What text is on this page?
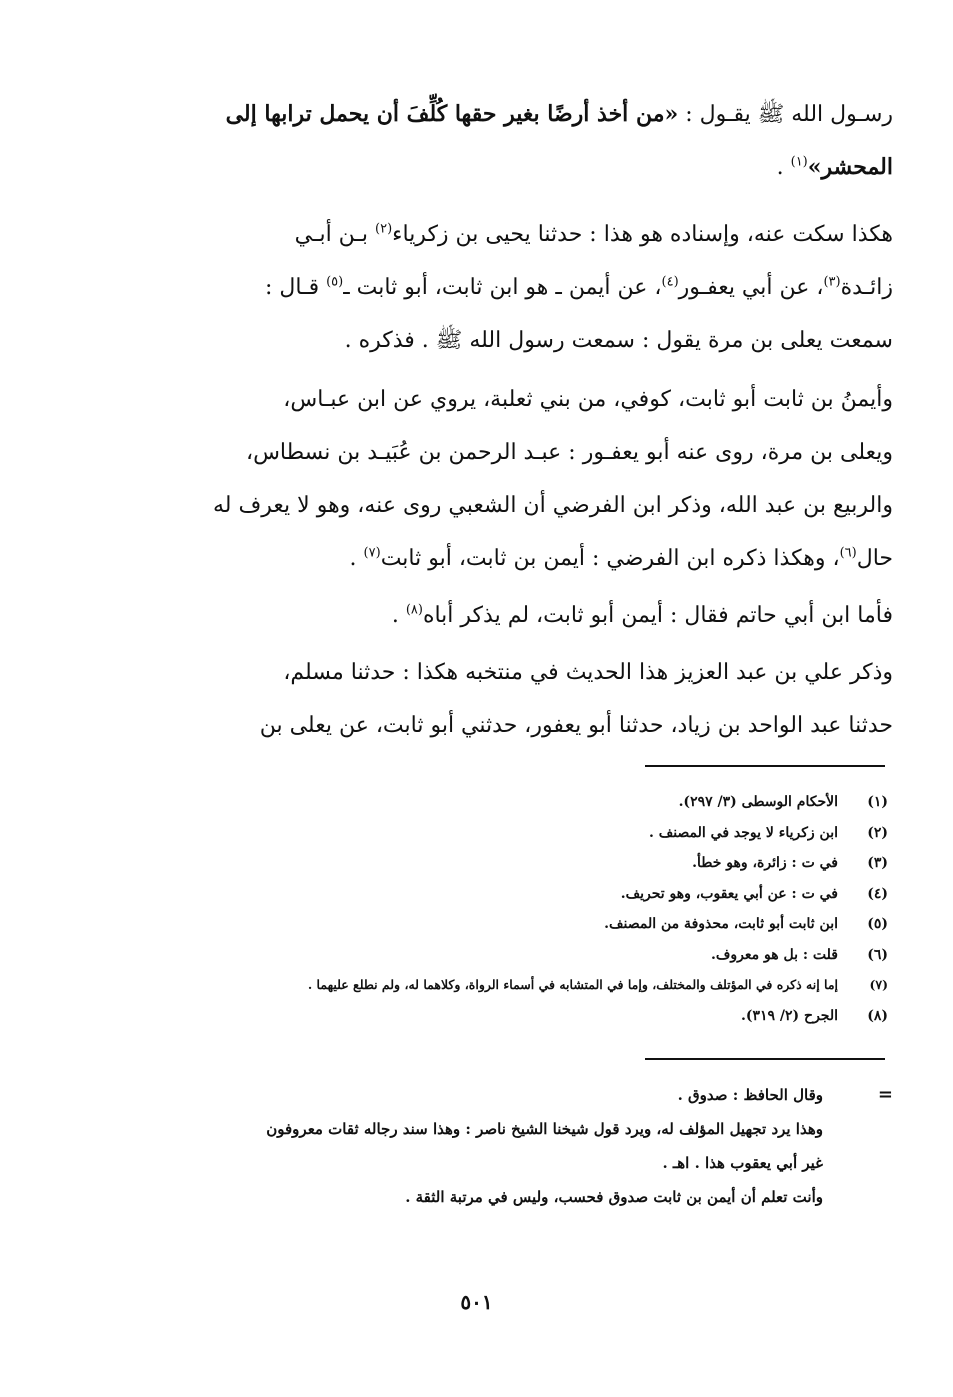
رسـول الله ﷺ يقـول : «من أخذ أرضًا بغير حقها كُلِّفَ أن يحمل ترابها إلى
المحشر»$^{(١)}$ .
هكذا سكت عنه، وإسناده هو هذا : حدثنا يحيى بن زكرياء$^{(٢)}$ بـن أبـي
زائـدة$^{(٣)}$، عن أبي يعفـور$^{(٤)}$، عن أيمن ـ هو ابن ثابت، أبو ثابت ـ$^{(٥)}$ قـال :
سمعت يعلى بن مرة يقول : سمعت رسول الله ﷺ . فذكره .
وأيمنُ بن ثابت أبو ثابت، كوفي، من بني ثعلبة، يروي عن ابن عبـاس،
ويعلى بن مرة، روى عنه أبو يعفـور : عبـد الرحمن بن عُبَيـد بن نسطاس،
والربيع بن عبد الله، وذكر ابن الفرضي أن الشعبي روى عنه، وهو لا يعرف له
حال$^{(٦)}$، وهكذا ذكره ابن الفرضي : أيمن بن ثابت، أبو ثابت$^{(٧)}$ .
فأما ابن أبي حاتم فقال : أيمن أبو ثابت، لم يذكر أباه$^{(٨)}$ .
وذكر علي بن عبد العزيز هذا الحديث في منتخبه هكذا : حدثنا مسلم،
حدثنا عبد الواحد بن زياد، حدثنا أبو يعفور، حدثني أبو ثابت، عن يعلى بن
(١)
الأحكام الوسطى (٣/ ٢٩٧).
(٢)
ابن زكرياء لا يوجد في المصنف .
(٣)
في ت : زائرة، وهو خطأ.
(٤)
في ت : عن أبي يعقوب، وهو تحريف.
(٥)
ابن ثابت أبو ثابت، محذوفة من المصنف.
(٦)
قلت : بل هو معروف.
(٧)
إما إنه ذكره في المؤتلف والمختلف، وإما في المتشابه في أسماء الرواة، وكلاهما له، ولم نطلع عليهما .
(٨)
الجرح (٢/ ٣١٩).
=
وقال الحافظ : صدوق .
وهذا يرد تجهيل المؤلف له، ويرد قول شيخنا الشيخ ناصر : وهذا سند رجاله ثقات معروفون
غير أبي يعقوب هذا . اهـ .
وأنت تعلم أن أيمن بن ثابت صدوق فحسب، وليس في مرتبة الثقة .
٥٠١
